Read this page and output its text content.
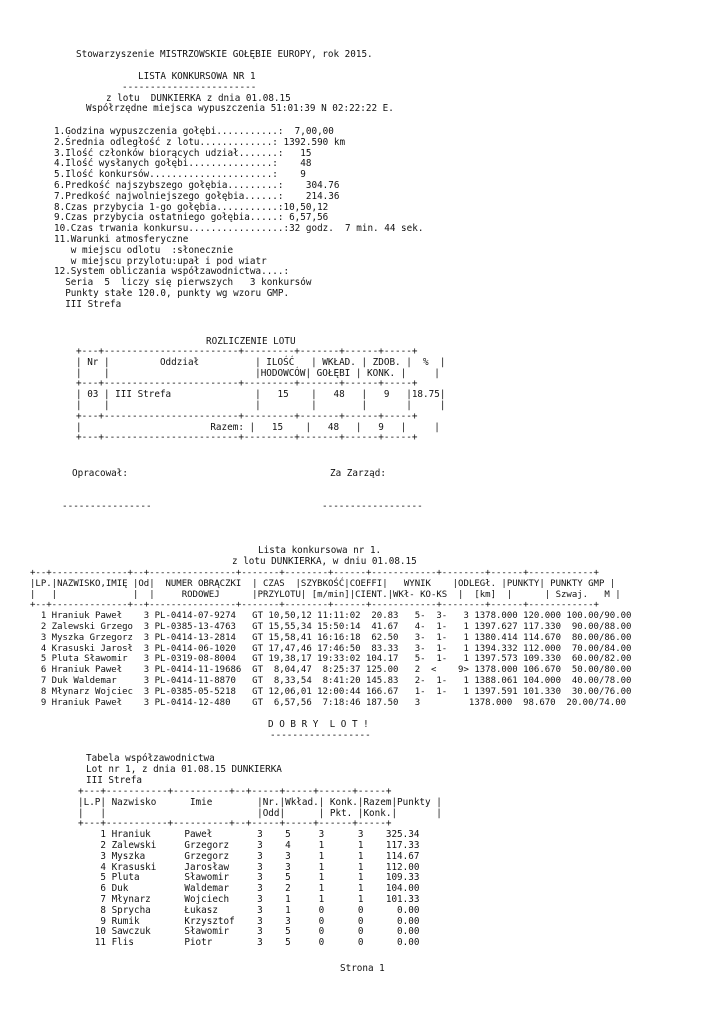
Stowarzyszenie MISTRZOWSKIE GOŁĘBIE EUROPY, rok 2015.
LISTA KONKURSOWA NR 1
------------------------
z lotu  DUNKIERKA z dnia 01.08.15
Współrzędne miejsca wypuszczenia 51:01:39 N 02:22:22 E.
1.Godzina wypuszczenia gołębi...........:  7,00,00
2.Średnia odległość z lotu.............: 1392.590 km
3.Ilość członków biorących udział.......:   15
4.Ilość wysłanych gołębi...............:    48
5.Ilość konkursów......................:    9
6.Predkość najszybszego gołębia.........:    304.76
7.Predkość najwolniejszego gołębia......:    214.36
8.Czas przybycia 1-go gołębia...........:10,50,12
9.Czas przybycia ostatniego gołębia.....: 6,57,56
10.Czas trwania konkursu.................:32 godz.  7 min. 44 sek.
11.Warunki atmosferyczne
w miejscu odlotu  :słonecznie
w miejscu przylotu:upał i pod wiatr
12.System obliczania współzawodnictwa....:
Seria  5  liczy się pierwszych   3 konkursów
Punkty stałe 120.0, punkty wg wzoru GMP.
III Strefa
ROZLICZENIE LOTU
+---+------------------------+---------+-------+------+-----+
| Nr |         Oddział          | ILOŚĆ   | WKŁAD. | ZDOB. |  %  |
|    |                          |HODOWCÓW| GOŁĘBI | KONK. |     |
+---+------------------------+---------+-------+------+-----+
| 03 | III Strefa               |   15    |   48   |   9   |18.75|
|    |                          |         |        |       |     |
+---+------------------------+---------+-------+------+-----+
|                       Razem: |   15    |   48   |   9   |     |
+---+------------------------+---------+-------+------+-----+
Opracował:	Za Zarząd:
----------------	------------------
Lista konkursowa nr 1.
z lotu DUNKIERKA, w dniu 01.08.15
+--+--------------+--+----------------+-------+--------+------+------------+--------+------+------------+
|LP.|NAZWISKO,IMIĘ |Od|  NUMER OBRĄCZKI  | CZAS  |SZYBKOŚĆ|COEFFI|   WYNIK    |ODLEGł. |PUNKTY| PUNKTY GMP |
|   |              |  |     RODOWEJ      |PRZYLOTU| [m/min]|CIENT.|WKł- KO-KS  |  [km]  |      | Szwaj.   M |
+--+--------------+--+----------------+-------+--------+------+------------+--------+------+------------+
1 Hraniuk Paweł    3 PL-0414-07-9274   GT 10,50,12 11:11:02  20.83   5-  3-   3 1378.000 120.000 100.00/90.00
2 Zalewski Grzego  3 PL-0385-13-4763   GT 15,55,34 15:50:14  41.67   4-  1-   1 1397.627 117.330  90.00/88.00
3 Myszka Grzegorz  3 PL-0414-13-2814   GT 15,58,41 16:16:18  62.50   3-  1-   1 1380.414 114.670  80.00/86.00
4 Krasuski Jarosł  3 PL-0414-06-1020   GT 17,47,46 17:46:50  83.33   3-  1-   1 1394.332 112.000  70.00/84.00
5 Pluta Sławomir   3 PL-0319-08-8004   GT 19,38,17 19:33:02 104.17   5-  1-   1 1397.573 109.330  60.00/82.00
6 Hraniuk Paweł    3 PL-0414-11-19686  GT  8,04,47  8:25:37 125.00   2  <    9> 1378.000 106.670  50.00/80.00
7 Duk Waldemar     3 PL-0414-11-8870   GT  8,33,54  8:41:20 145.83   2-  1-   1 1388.061 104.000  40.00/78.00
8 Młynarz Wojciec  3 PL-0385-05-5218   GT 12,06,01 12:00:44 166.67   1-  1-   1 1397.591 101.330  30.00/76.00
9 Hraniuk Paweł    3 PL-0414-12-480    GT  6,57,56  7:18:46 187.50   3         1378.000  98.670  20.00/74.00
D O B R Y  L O T !
------------------
Tabela współzawodnictwa
Lot nr 1, z dnia 01.08.15 DUNKIERKA
III Strefa
+---+-----------+----------+--+-----+-----+------+-----+
|L.P| Nazwisko      Imie        |Nr.|Wkład.| Konk.|Razem|Punkty |
|   |                           |Odd|      | Pkt. |Konk.|       |
+---+-----------+----------+--+-----+-----+------+-----+
1 Hraniuk      Paweł        3    5     3      3    325.34
2 Zalewski     Grzegorz     3    4     1      1    117.33
3 Myszka       Grzegorz     3    3     1      1    114.67
4 Krasuski     Jarosław     3    3     1      1    112.00
5 Pluta        Sławomir     3    5     1      1    109.33
6 Duk          Waldemar     3    2     1      1    104.00
7 Młynarz      Wojciech     3    1     1      1    101.33
8 Sprycha      Łukasz       3    1     0      0      0.00
9 Rumik        Krzysztof    3    3     0      0      0.00
10 Sawczuk      Sławomir     3    5     0      0      0.00
11 Flis         Piotr        3    5     0      0      0.00
Strona 1
